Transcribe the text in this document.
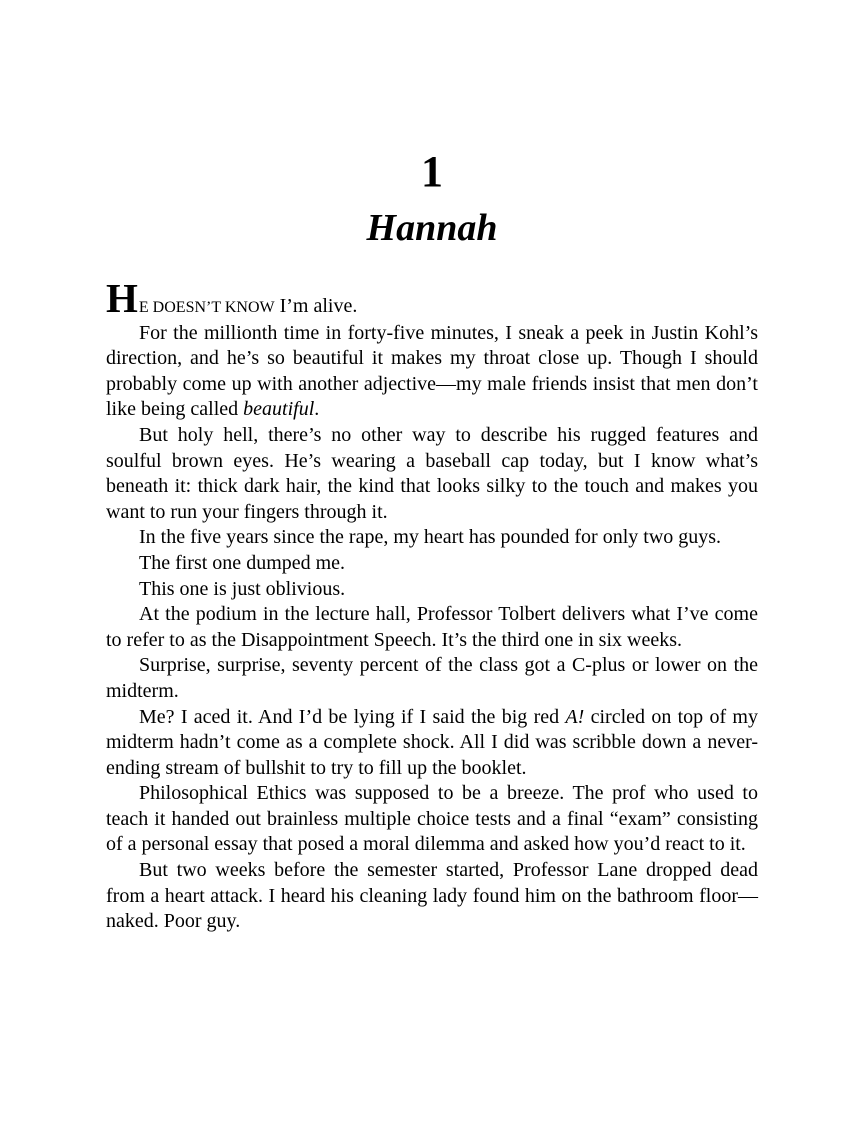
1
Hannah

HE DOESN’T KNOW I’m alive.

For the millionth time in forty-five minutes, I sneak a peek in Justin Kohl’s direction, and he’s so beautiful it makes my throat close up. Though I should probably come up with another adjective—my male friends insist that men don’t like being called beautiful.

But holy hell, there’s no other way to describe his rugged features and soulful brown eyes. He’s wearing a baseball cap today, but I know what’s beneath it: thick dark hair, the kind that looks silky to the touch and makes you want to run your fingers through it.

In the five years since the rape, my heart has pounded for only two guys.

The first one dumped me.

This one is just oblivious.

At the podium in the lecture hall, Professor Tolbert delivers what I’ve come to refer to as the Disappointment Speech. It’s the third one in six weeks.

Surprise, surprise, seventy percent of the class got a C-plus or lower on the midterm.

Me? I aced it. And I’d be lying if I said the big red A! circled on top of my midterm hadn’t come as a complete shock. All I did was scribble down a never-ending stream of bullshit to try to fill up the booklet.

Philosophical Ethics was supposed to be a breeze. The prof who used to teach it handed out brainless multiple choice tests and a final “exam” consisting of a personal essay that posed a moral dilemma and asked how you’d react to it.

But two weeks before the semester started, Professor Lane dropped dead from a heart attack. I heard his cleaning lady found him on the bathroom floor—naked. Poor guy.
